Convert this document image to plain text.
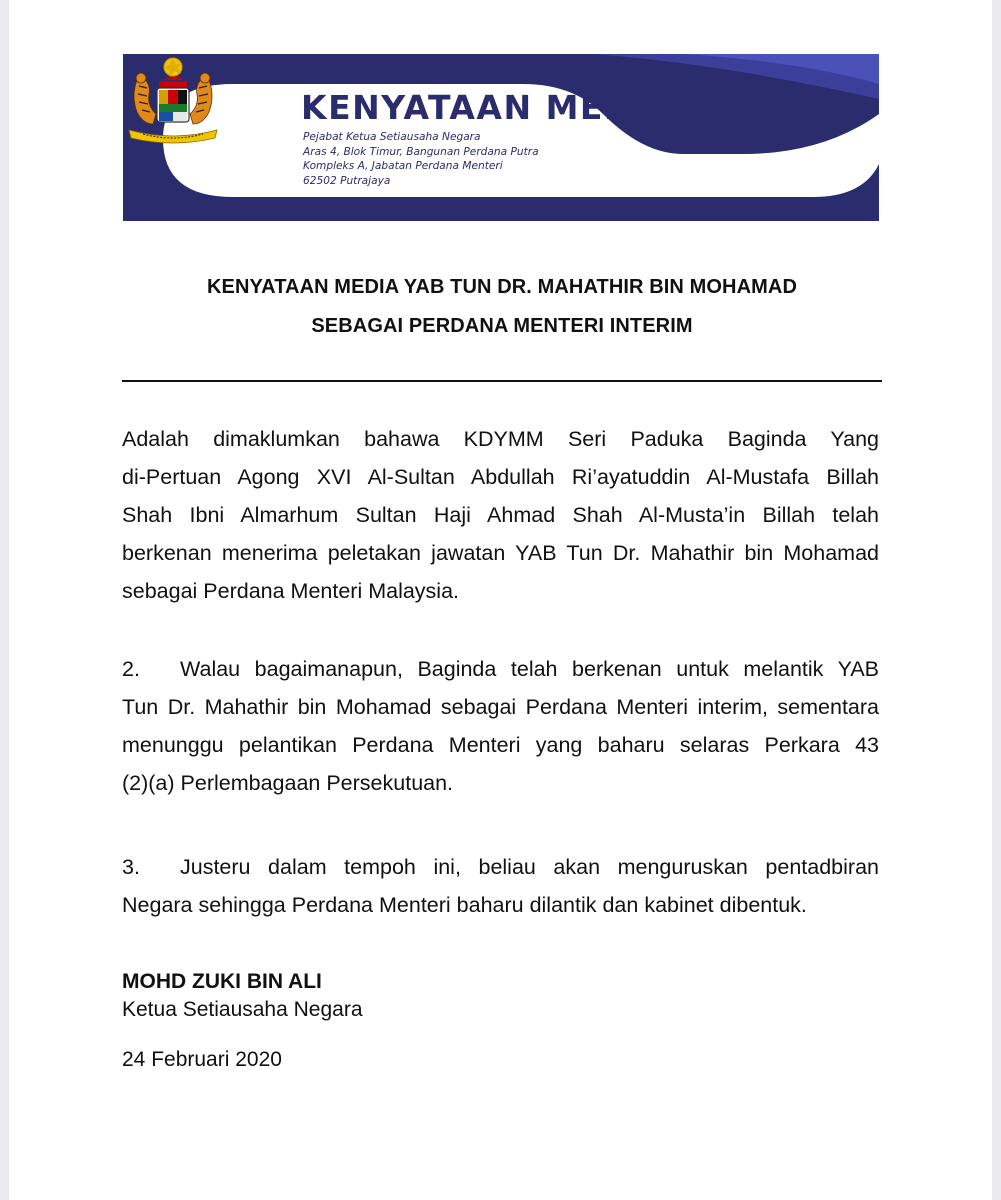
KENYATAAN MEDIA
Pejabat Ketua Setiausaha Negara
Aras 4, Blok Timur, Bangunan Perdana Putra
Kompleks A, Jabatan Perdana Menteri
62502 Putrajaya
KENYATAAN MEDIA YAB TUN DR. MAHATHIR BIN MOHAMAD
SEBAGAI PERDANA MENTERI INTERIM
Adalah dimaklumkan bahawa KDYMM Seri Paduka Baginda Yang
di-Pertuan Agong XVI Al-Sultan Abdullah Ri’ayatuddin Al-Mustafa Billah
Shah Ibni Almarhum Sultan Haji Ahmad Shah Al-Musta’in Billah telah
berkenan menerima peletakan jawatan YAB Tun Dr. Mahathir bin Mohamad
sebagai Perdana Menteri Malaysia.
2. Walau bagaimanapun, Baginda telah berkenan untuk melantik YAB
Tun Dr. Mahathir bin Mohamad sebagai Perdana Menteri interim, sementara
menunggu pelantikan Perdana Menteri yang baharu selaras Perkara 43
(2)(a) Perlembagaan Persekutuan.
3. Justeru dalam tempoh ini, beliau akan menguruskan pentadbiran
Negara sehingga Perdana Menteri baharu dilantik dan kabinet dibentuk.
MOHD ZUKI BIN ALI
Ketua Setiausaha Negara
24 Februari 2020
